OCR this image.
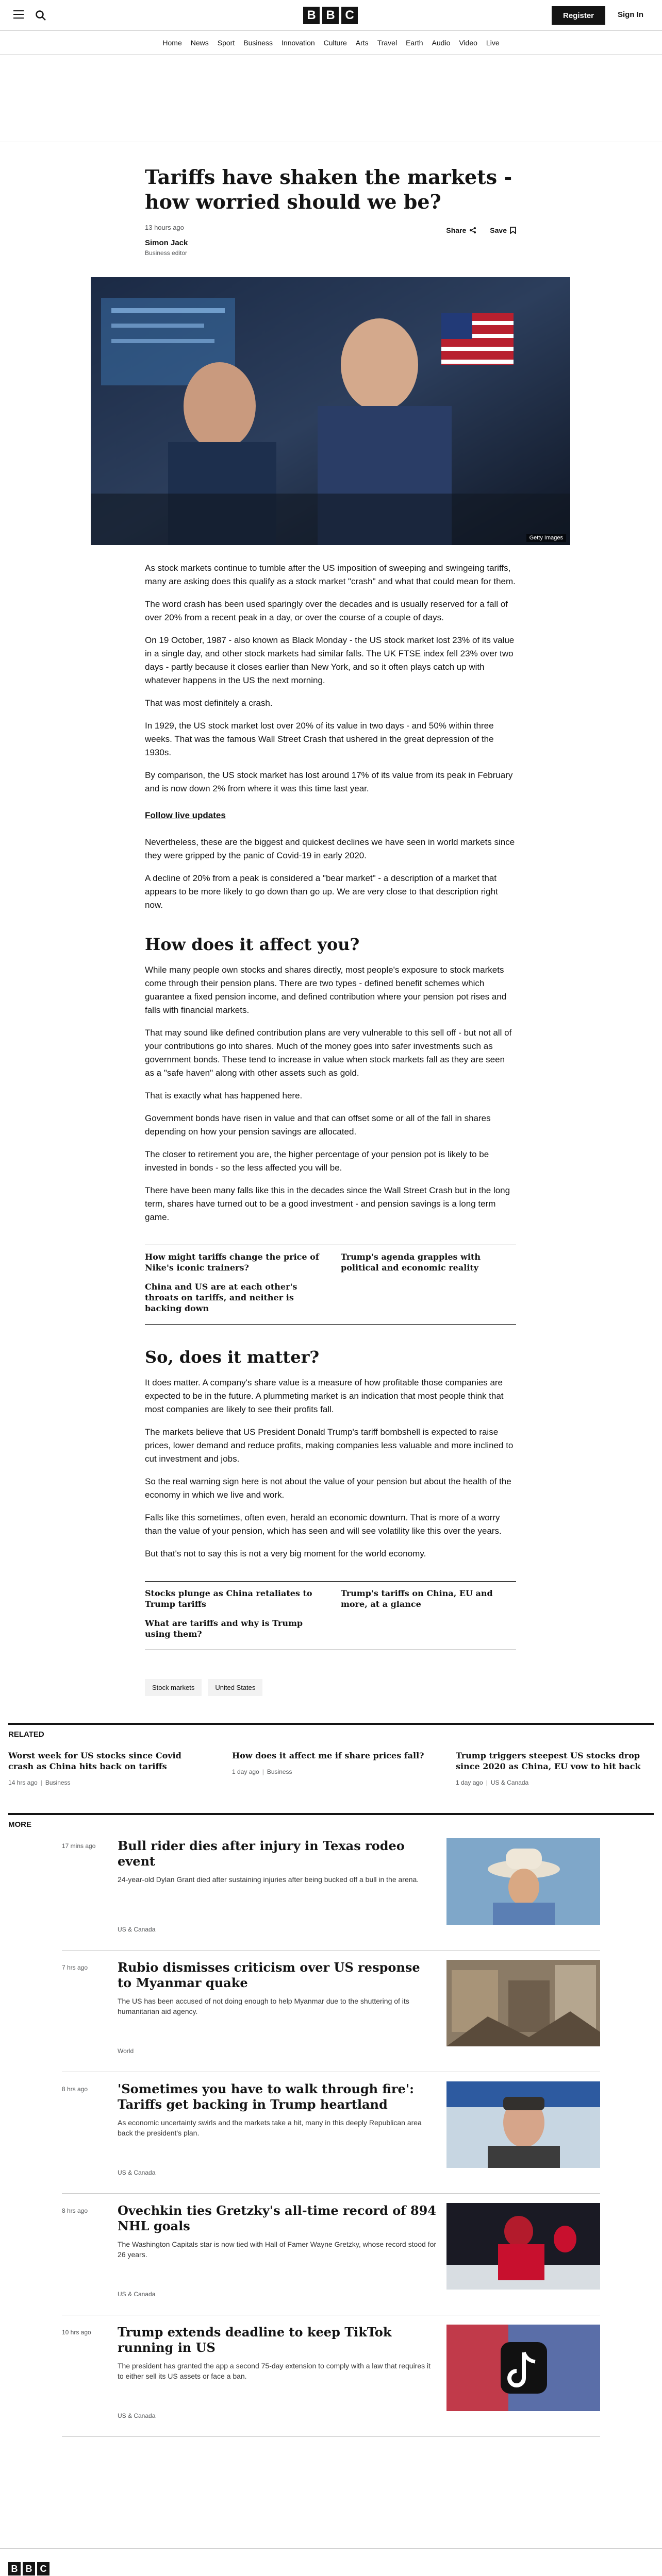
B B C	Register	Sign In
Home News Sport Business Innovation Culture Arts Travel Earth Audio Video Live
Tariffs have shaken the markets - how worried should we be?
13 hours ago
Simon Jack
Business editor
Share	Save
Getty Images

As stock markets continue to tumble after the US imposition of sweeping and swingeing tariffs, many are asking does this qualify as a stock market "crash" and what that could mean for them.

The word crash has been used sparingly over the decades and is usually reserved for a fall of over 20% from a recent peak in a day, or over the course of a couple of days.

On 19 October, 1987 - also known as Black Monday - the US stock market lost 23% of its value in a single day, and other stock markets had similar falls. The UK FTSE index fell 23% over two days - partly because it closes earlier than New York, and so it often plays catch up with whatever happens in the US the next morning.

That was most definitely a crash.

In 1929, the US stock market lost over 20% of its value in two days - and 50% within three weeks. That was the famous Wall Street Crash that ushered in the great depression of the 1930s.

By comparison, the US stock market has lost around 17% of its value from its peak in February and is now down 2% from where it was this time last year.

Follow live updates

Nevertheless, these are the biggest and quickest declines we have seen in world markets since they were gripped by the panic of Covid-19 in early 2020.

A decline of 20% from a peak is considered a "bear market" - a description of a market that appears to be more likely to go down than go up. We are very close to that description right now.

How does it affect you?

While many people own stocks and shares directly, most people's exposure to stock markets come through their pension plans. There are two types - defined benefit schemes which guarantee a fixed pension income, and defined contribution where your pension pot rises and falls with financial markets.

That may sound like defined contribution plans are very vulnerable to this sell off - but not all of your contributions go into shares. Much of the money goes into safer investments such as government bonds. These tend to increase in value when stock markets fall as they are seen as a "safe haven" along with other assets such as gold.

That is exactly what has happened here.

Government bonds have risen in value and that can offset some or all of the fall in shares depending on how your pension savings are allocated.

The closer to retirement you are, the higher percentage of your pension pot is likely to be invested in bonds - so the less affected you will be.

There have been many falls like this in the decades since the Wall Street Crash but in the long term, shares have turned out to be a good investment - and pension savings is a long term game.

How might tariffs change the price of Nike's iconic trainers?
Trump's agenda grapples with political and economic reality
China and US are at each other's throats on tariffs, and neither is backing down
So, does it matter?

It does matter. A company's share value is a measure of how profitable those companies are expected to be in the future. A plummeting market is an indication that most people think that most companies are likely to see their profits fall.

The markets believe that US President Donald Trump's tariff bombshell is expected to raise prices, lower demand and reduce profits, making companies less valuable and more inclined to cut investment and jobs.

So the real warning sign here is not about the value of your pension but about the health of the economy in which we live and work.

Falls like this sometimes, often even, herald an economic downturn. That is more of a worry than the value of your pension, which has seen and will see volatility like this over the years.

But that's not to say this is not a very big moment for the world economy.

Stocks plunge as China retaliates to Trump tariffs
Trump's tariffs on China, EU and more, at a glance
What are tariffs and why is Trump using them?
Stock markets	United States
RELATED
Worst week for US stocks since Covid crash as China hits back on tariffs
14 hrs ago | Business
How does it affect me if share prices fall?
1 day ago | Business
Trump triggers steepest US stocks drop since 2020 as China, EU vow to hit back
1 day ago | US & Canada
MORE
17 mins ago Bull rider dies after injury in Texas rodeo event
24-year-old Dylan Grant died after sustaining injuries after being bucked off a bull in the arena.
US & Canada
7 hrs ago Rubio dismisses criticism over US response to Myanmar quake
The US has been accused of not doing enough to help Myanmar due to the shuttering of its humanitarian aid agency.
World
8 hrs ago 'Sometimes you have to walk through fire': Tariffs get backing in Trump heartland
As economic uncertainty swirls and the markets take a hit, many in this deeply Republican area back the president's plan.
US & Canada
8 hrs ago Ovechkin ties Gretzky's all-time record of 894 NHL goals
The Washington Capitals star is now tied with Hall of Famer Wayne Gretzky, whose record stood for 26 years.
US & Canada
10 hrs ago Trump extends deadline to keep TikTok running in US
The president has granted the app a second 75-day extension to comply with a law that requires it to either sell its US assets or face a ban.
US & Canada
B B C
